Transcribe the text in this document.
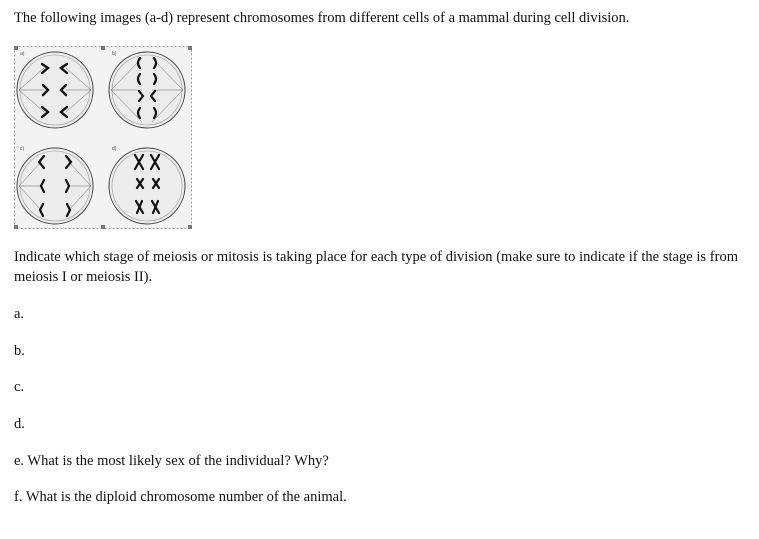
The following images (a-d) represent chromosomes from different cells of a mammal during cell division.
a)	b)
c)	d)
Indicate which stage of meiosis or mitosis is taking place for each type of division (make sure to indicate if the stage is from meiosis I or meiosis II).
a.
b.
c.
d.
e. What is the most likely sex of the individual? Why?
f. What is the diploid chromosome number of the animal.
